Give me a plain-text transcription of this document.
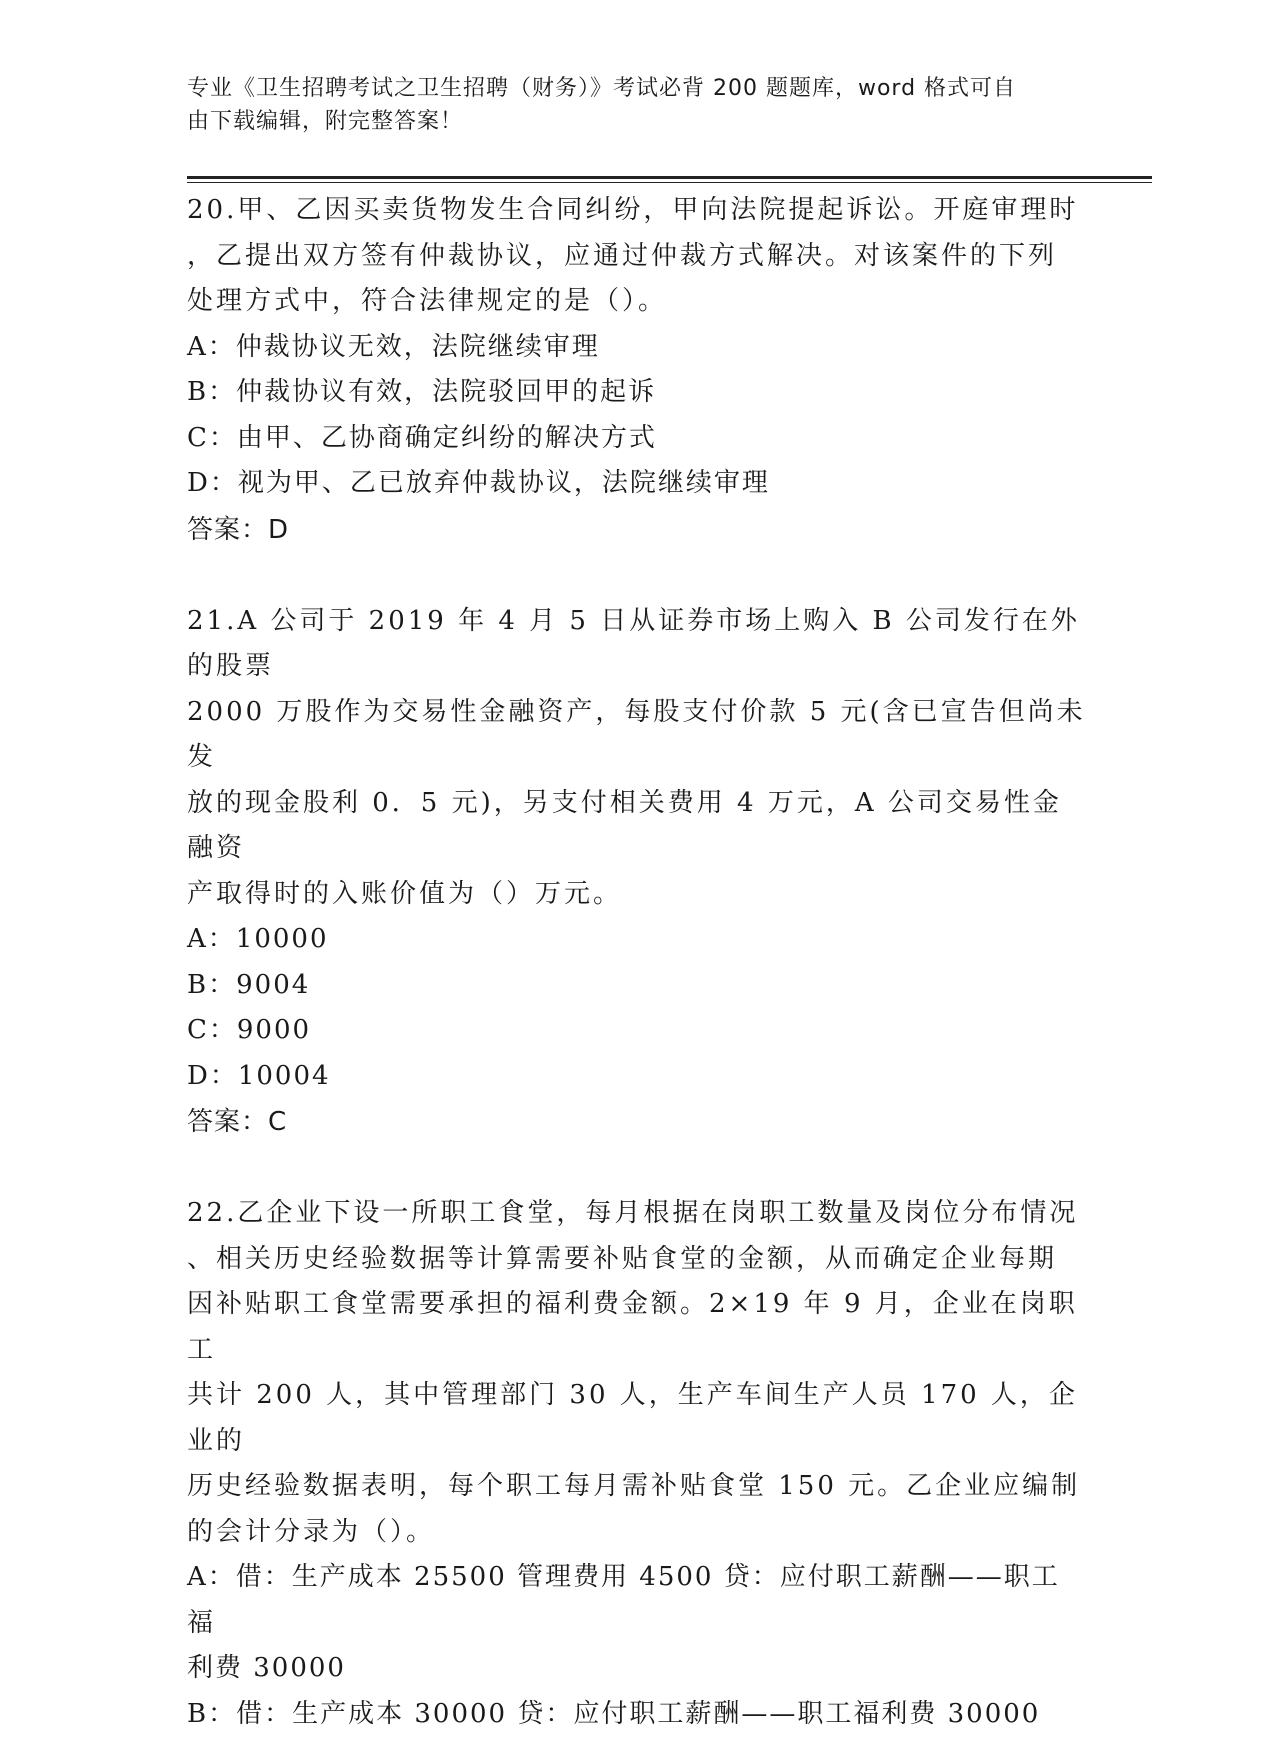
专业《卫生招聘考试之卫生招聘（财务）》考试必背 200 题题库，word 格式可自
由下载编辑，附完整答案！

20.甲、乙因买卖货物发生合同纠纷，甲向法院提起诉讼。开庭审理时

，乙提出双方签有仲裁协议，应通过仲裁方式解决。对该案件的下列

处理方式中，符合法律规定的是（）。

A：仲裁协议无效，法院继续审理

B：仲裁协议有效，法院驳回甲的起诉

C：由甲、乙协商确定纠纷的解决方式

D：视为甲、乙已放弃仲裁协议，法院继续审理

答案：D

21.A 公司于 2019 年 4 月 5 日从证券市场上购入 B 公司发行在外的股票

2000 万股作为交易性金融资产，每股支付价款 5 元(含已宣告但尚未发

放的现金股利 0．5 元)，另支付相关费用 4 万元，A 公司交易性金融资

产取得时的入账价值为（）万元。

A：10000

B：9004

C：9000

D：10004

答案：C

22.乙企业下设一所职工食堂，每月根据在岗职工数量及岗位分布情况

、相关历史经验数据等计算需要补贴食堂的金额，从而确定企业每期

因补贴职工食堂需要承担的福利费金额。2×19 年 9 月，企业在岗职工

共计 200 人，其中管理部门 30 人，生产车间生产人员 170 人，企业的

历史经验数据表明，每个职工每月需补贴食堂 150 元。乙企业应编制

的会计分录为（）。

A：借：生产成本 25500 管理费用 4500 贷：应付职工薪酬——职工福

利费 30000

B：借：生产成本 30000 贷：应付职工薪酬——职工福利费 30000
